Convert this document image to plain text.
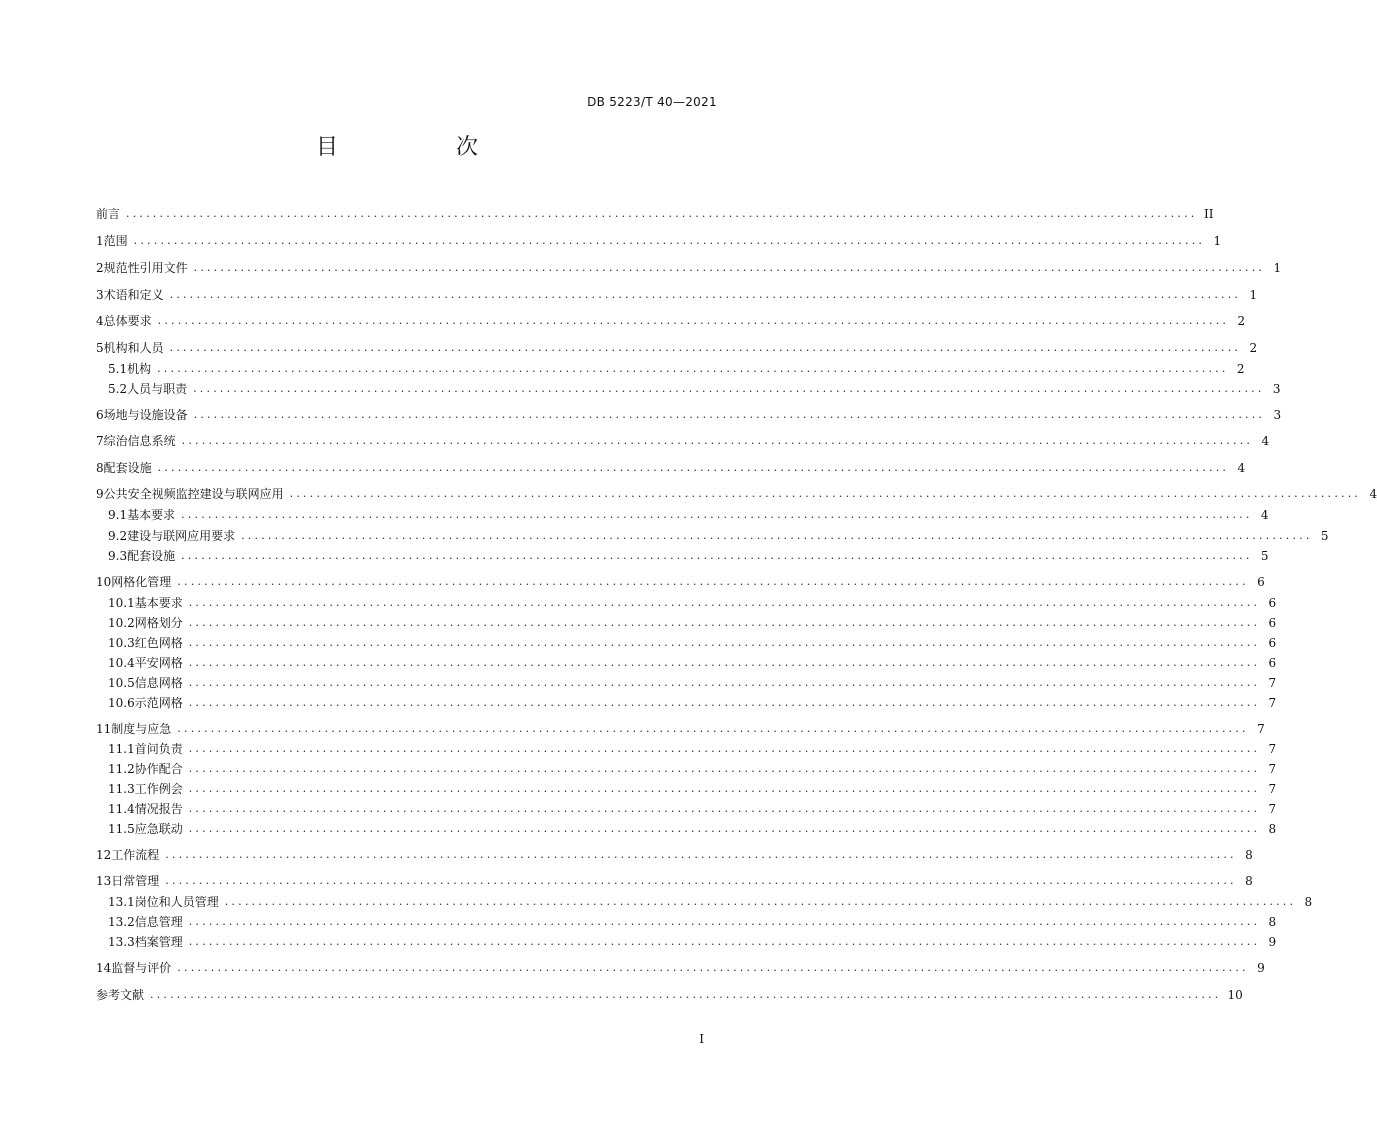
DB 5223/T 40—2021
目　次
前言 ................................................................................................................................................................ II
1 范围 ................................................................................................................................................................ 1
2 规范性引用文件 ................................................................................................................................................................ 1
3 术语和定义 ................................................................................................................................................................ 1
4 总体要求 ................................................................................................................................................................ 2
5 机构和人员 ................................................................................................................................................................ 2
5.1 机构 ................................................................................................................................................................ 2
5.2 人员与职责 ................................................................................................................................................................ 3
6 场地与设施设备 ................................................................................................................................................................ 3
7 综治信息系统 ................................................................................................................................................................ 4
8 配套设施 ................................................................................................................................................................ 4
9 公共安全视频监控建设与联网应用 ................................................................................................................................................................ 4
9.1 基本要求 ................................................................................................................................................................ 4
9.2 建设与联网应用要求 ................................................................................................................................................................ 5
9.3 配套设施 ................................................................................................................................................................ 5
10 网格化管理 ................................................................................................................................................................ 6
10.1 基本要求 ................................................................................................................................................................ 6
10.2 网格划分 ................................................................................................................................................................ 6
10.3 红色网格 ................................................................................................................................................................ 6
10.4 平安网格 ................................................................................................................................................................ 6
10.5 信息网格 ................................................................................................................................................................ 7
10.6 示范网格 ................................................................................................................................................................ 7
11 制度与应急 ................................................................................................................................................................ 7
11.1 首问负责 ................................................................................................................................................................ 7
11.2 协作配合 ................................................................................................................................................................ 7
11.3 工作例会 ................................................................................................................................................................ 7
11.4 情况报告 ................................................................................................................................................................ 7
11.5 应急联动 ................................................................................................................................................................ 8
12 工作流程 ................................................................................................................................................................ 8
13 日常管理 ................................................................................................................................................................ 8
13.1 岗位和人员管理 ................................................................................................................................................................ 8
13.2 信息管理 ................................................................................................................................................................ 8
13.3 档案管理 ................................................................................................................................................................ 9
14 监督与评价 ................................................................................................................................................................ 9
参考文献 ................................................................................................................................................................ 10
I
